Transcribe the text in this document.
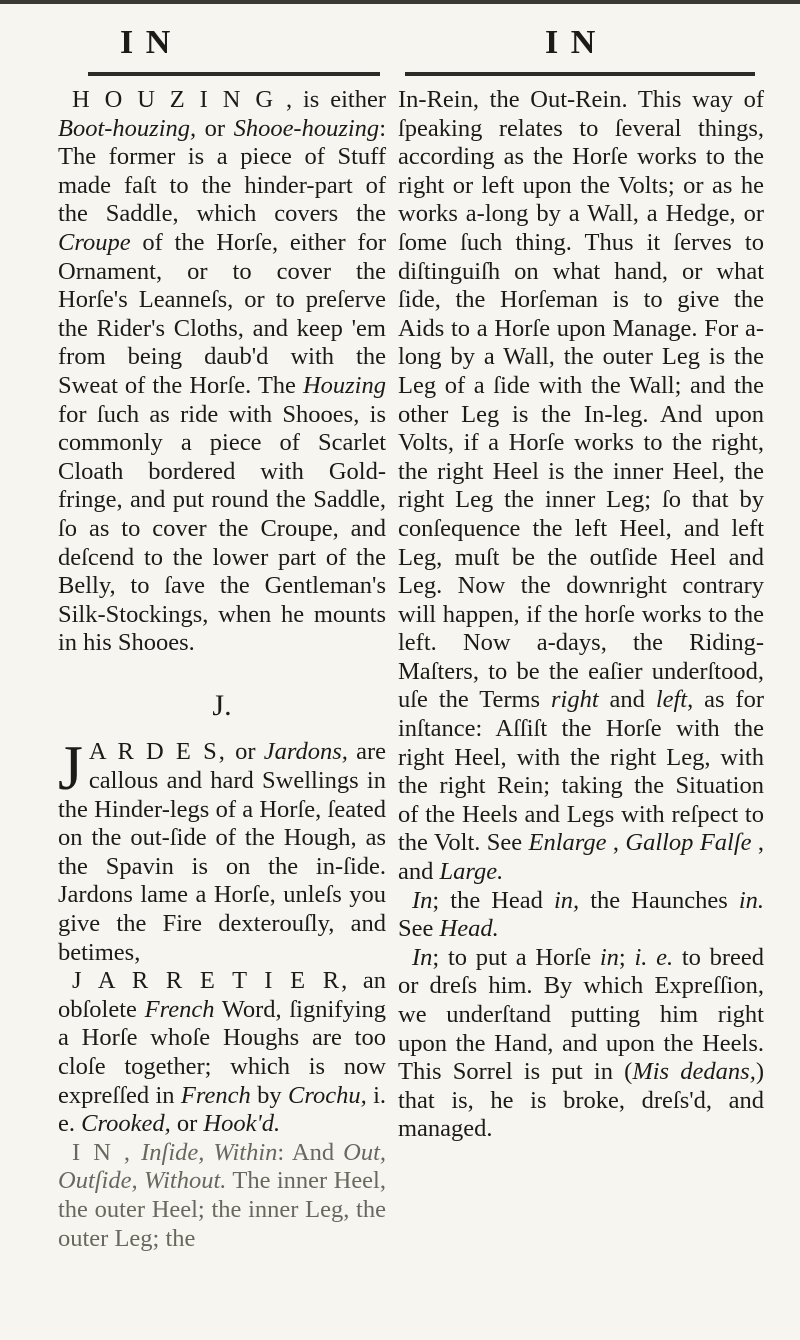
I N	I N

H O U Z I N G , is either Boot-houzing, or Shooe-houzing: The former is a piece of Stuff made faſt to the hinder-part of the Saddle, which covers the Croupe of the Horſe, either for Ornament, or to cover the Horſe's Leanneſs, or to preſerve the Rider's Cloths, and keep 'em from being daub'd with the Sweat of the Horſe. The Houzing for ſuch as ride with Shooes, is commonly a piece of Scarlet Cloath bordered with Gold-fringe, and put round the Saddle, ſo as to cover the Croupe, and deſcend to the lower part of the Belly, to ſave the Gentleman's Silk-Stockings, when he mounts in his Shooes.

J.

J A R D E S, or Jardons, are callous and hard Swellings in the Hinder-legs of a Horſe, ſeated on the out-ſide of the Hough, as the Spavin is on the in-ſide. Jardons lame a Horſe, unleſs you give the Fire dexterouſly, and betimes,

J A R R E T I E R, an obſolete French Word, ſignifying a Horſe whoſe Houghs are too cloſe together; which is now expreſſed in French by Crochu, i. e. Crooked, or Hook'd.

I N , Inſide, Within: And Out, Outſide, Without. The inner Heel, the outer Heel; the inner Leg, the outer Leg; the

In-Rein, the Out-Rein. This way of ſpeaking relates to ſeveral things, according as the Horſe works to the right or left upon the Volts; or as he works a-long by a Wall, a Hedge, or ſome ſuch thing. Thus it ſerves to diſtinguiſh on what hand, or what ſide, the Horſeman is to give the Aids to a Horſe upon Manage. For a-long by a Wall, the outer Leg is the Leg of a ſide with the Wall; and the other Leg is the In-leg. And upon Volts, if a Horſe works to the right, the right Heel is the inner Heel, the right Leg the inner Leg; ſo that by conſequence the left Heel, and left Leg, muſt be the outſide Heel and Leg. Now the downright contrary will happen, if the horſe works to the left. Now a-days, the Riding-Maſters, to be the eaſier underſtood, uſe the Terms right and left, as for inſtance: Aſſiſt the Horſe with the right Heel, with the right Leg, with the right Rein; taking the Situation of the Heels and Legs with reſpect to the Volt. See Enlarge , Gallop Falſe , and Large.

In; the Head in, the Haunches in. See Head.

In; to put a Horſe in; i. e. to breed or dreſs him. By which Expreſſion, we underſtand putting him right upon the Hand, and upon the Heels. This Sorrel is put in (Mis dedans,) that is, he is broke, dreſs'd, and managed.
